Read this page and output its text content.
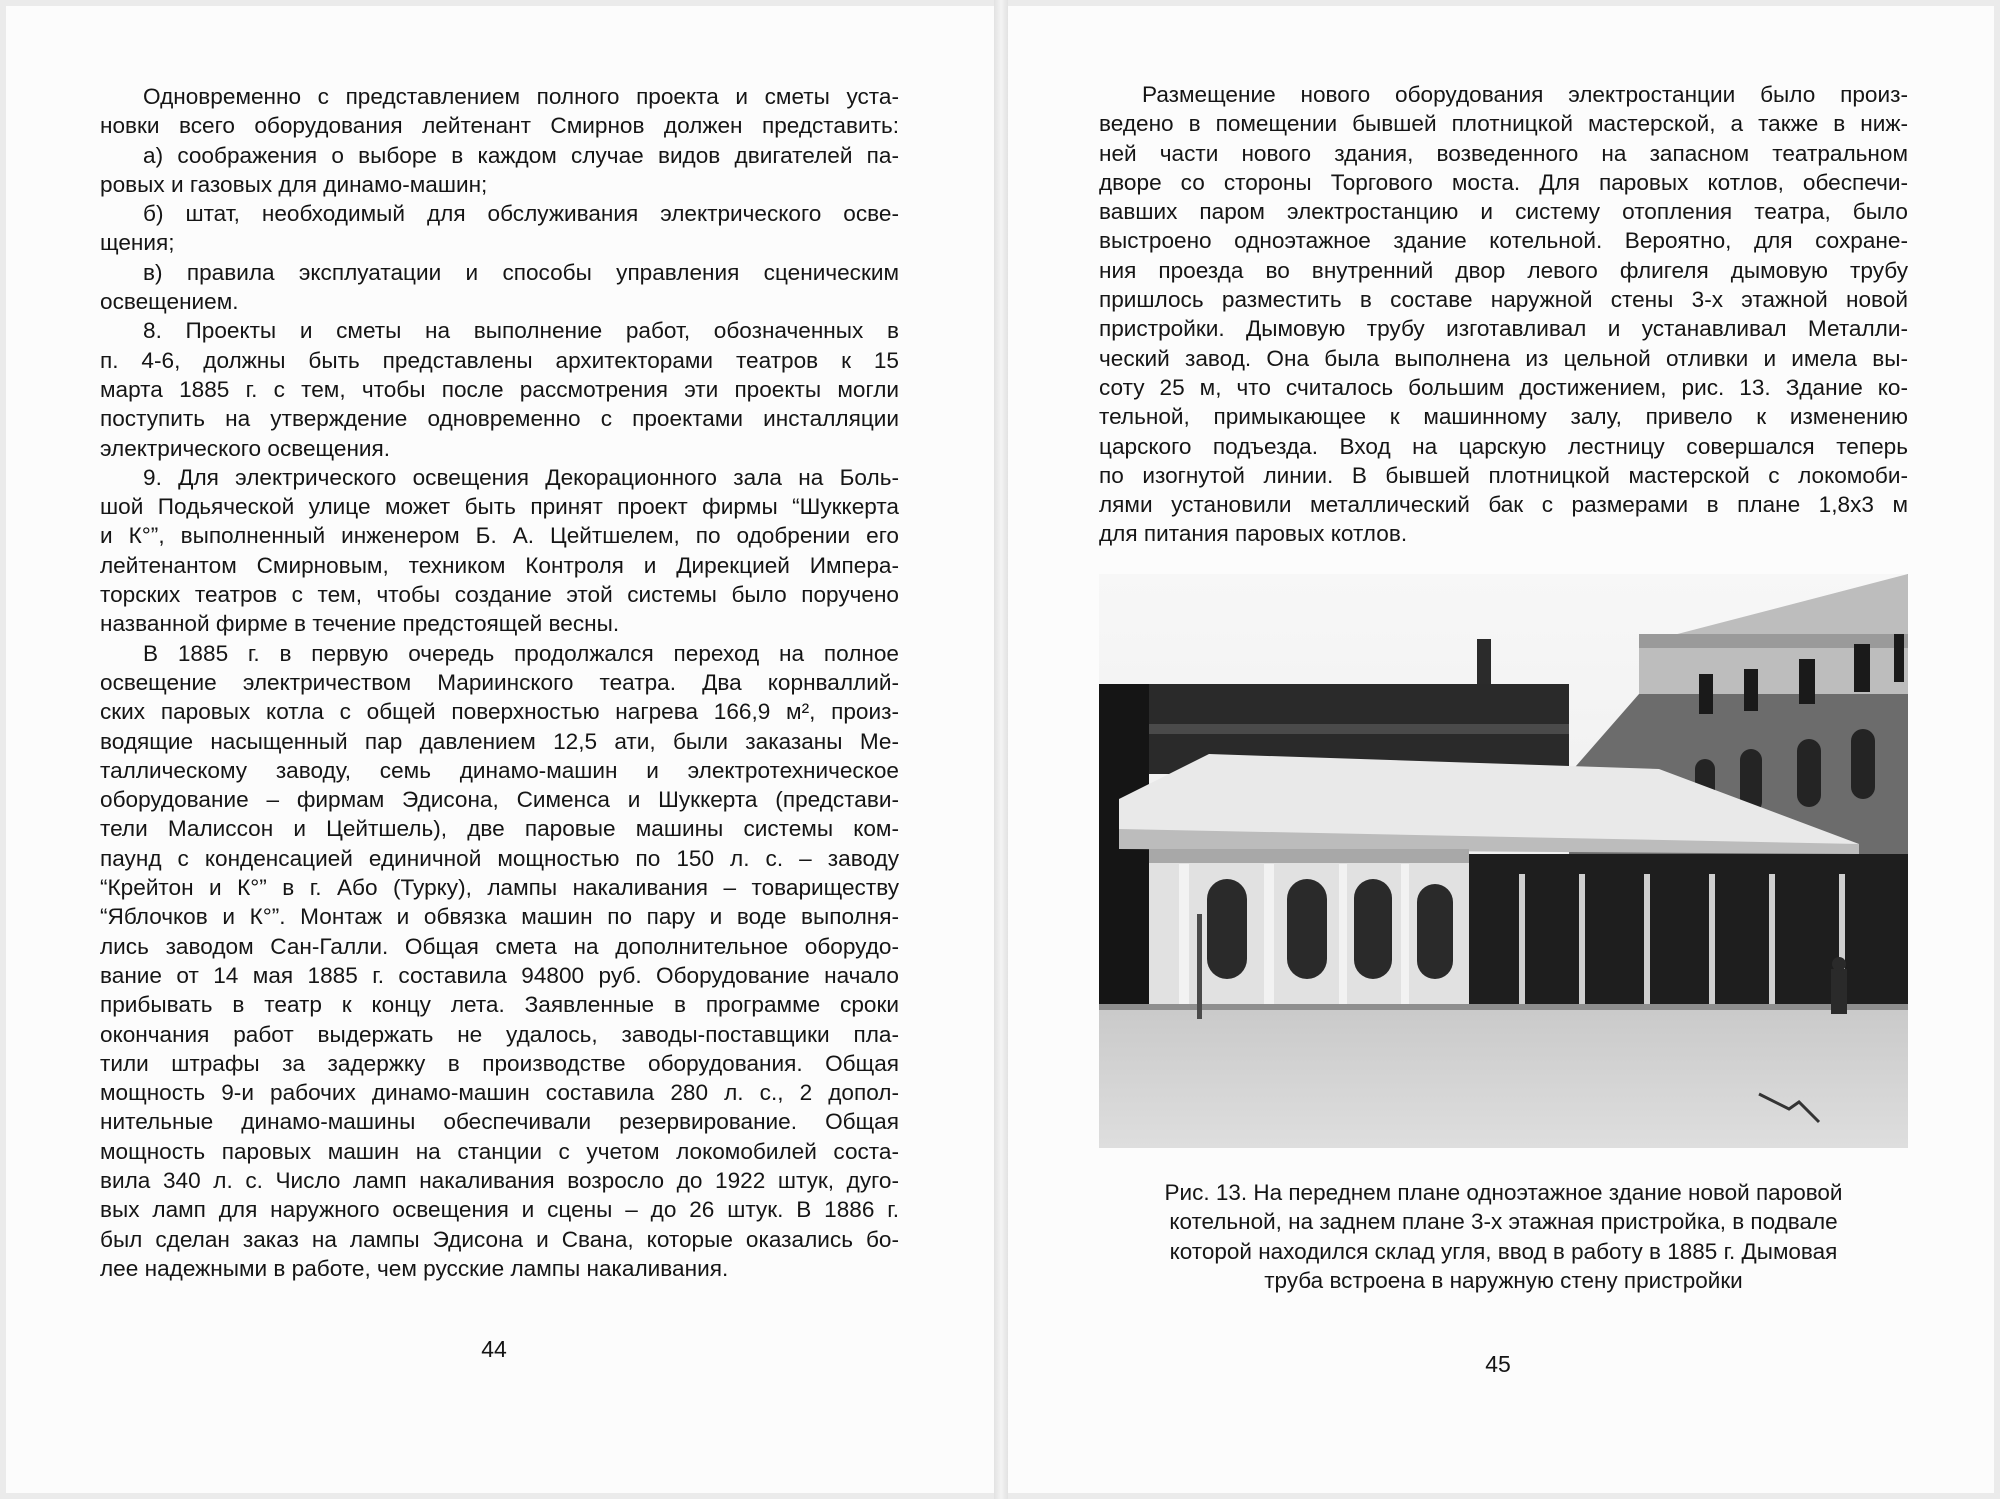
Одновременно с представлением полного проекта и сметы уста-
новки всего оборудования лейтенант Смирнов должен представить:
а) соображения о выборе в каждом случае видов двигателей па-
ровых и газовых для динамо-машин;
б) штат, необходимый для обслуживания электрического осве-
щения;
в) правила эксплуатации и способы управления сценическим
освещением.
8. Проекты и сметы на выполнение работ, обозначенных в
п. 4-6, должны быть представлены архитекторами театров к 15
марта 1885 г. с тем, чтобы после рассмотрения эти проекты могли
поступить на утверждение одновременно с проектами инсталляции
электрического освещения.
9. Для электрического освещения Декорационного зала на Боль-
шой Подьяческой улице может быть принят проект фирмы “Шуккерта
и К°”, выполненный инженером Б. А. Цейтшелем, по одобрении его
лейтенантом Смирновым, техником Контроля и Дирекцией Импера-
торских театров с тем, чтобы создание этой системы было поручено
названной фирме в течение предстоящей весны.
В 1885 г. в первую очередь продолжался переход на полное
освещение электричеством Мариинского театра. Два корнваллий-
ских паровых котла с общей поверхностью нагрева 166,9 м², произ-
водящие насыщенный пар давлением 12,5 ати, были заказаны Ме-
таллическому заводу, семь динамо-машин и электротехническое
оборудование – фирмам Эдисона, Сименса и Шуккерта (представи-
тели Малиссон и Цейтшель), две паровые машины системы ком-
паунд с конденсацией единичной мощностью по 150 л. с. – заводу
“Крейтон и К°” в г. Або (Турку), лампы накаливания – товариществу
“Яблочков и К°”. Монтаж и обвязка машин по пару и воде выполня-
лись заводом Сан-Галли. Общая смета на дополнительное оборудо-
вание от 14 мая 1885 г. составила 94800 руб. Оборудование начало
прибывать в театр к концу лета. Заявленные в программе сроки
окончания работ выдержать не удалось, заводы-поставщики пла-
тили штрафы за задержку в производстве оборудования. Общая
мощность 9-и рабочих динамо-машин составила 280 л. с., 2 допол-
нительные динамо-машины обеспечивали резервирование. Общая
мощность паровых машин на станции с учетом локомобилей соста-
вила 340 л. с. Число ламп накаливания возросло до 1922 штук, дуго-
вых ламп для наружного освещения и сцены – до 26 штук. В 1886 г.
был сделан заказ на лампы Эдисона и Свана, которые оказались бо-
лее надежными в работе, чем русские лампы накаливания.
44
Размещение нового оборудования электростанции было произ-
ведено в помещении бывшей плотницкой мастерской, а также в ниж-
ней части нового здания, возведенного на запасном театральном
дворе со стороны Торгового моста. Для паровых котлов, обеспечи-
вавших паром электростанцию и систему отопления театра, было
выстроено одноэтажное здание котельной. Вероятно, для сохране-
ния проезда во внутренний двор левого флигеля дымовую трубу
пришлось разместить в составе наружной стены 3-х этажной новой
пристройки. Дымовую трубу изготавливал и устанавливал Металли-
ческий завод. Она была выполнена из цельной отливки и имела вы-
соту 25 м, что считалось большим достижением, рис. 13. Здание ко-
тельной, примыкающее к машинному залу, привело к изменению
царского подъезда. Вход на царскую лестницу совершался теперь
по изогнутой линии. В бывшей плотницкой мастерской с локомоби-
лями установили металлический бак с размерами в плане 1,8х3 м
для питания паровых котлов.
Рис. 13. На переднем плане одноэтажное здание новой паровой
котельной, на заднем плане 3-х этажная пристройка, в подвале
которой находился склад угля, ввод в работу в 1885 г. Дымовая
труба встроена в наружную стену пристройки
45
